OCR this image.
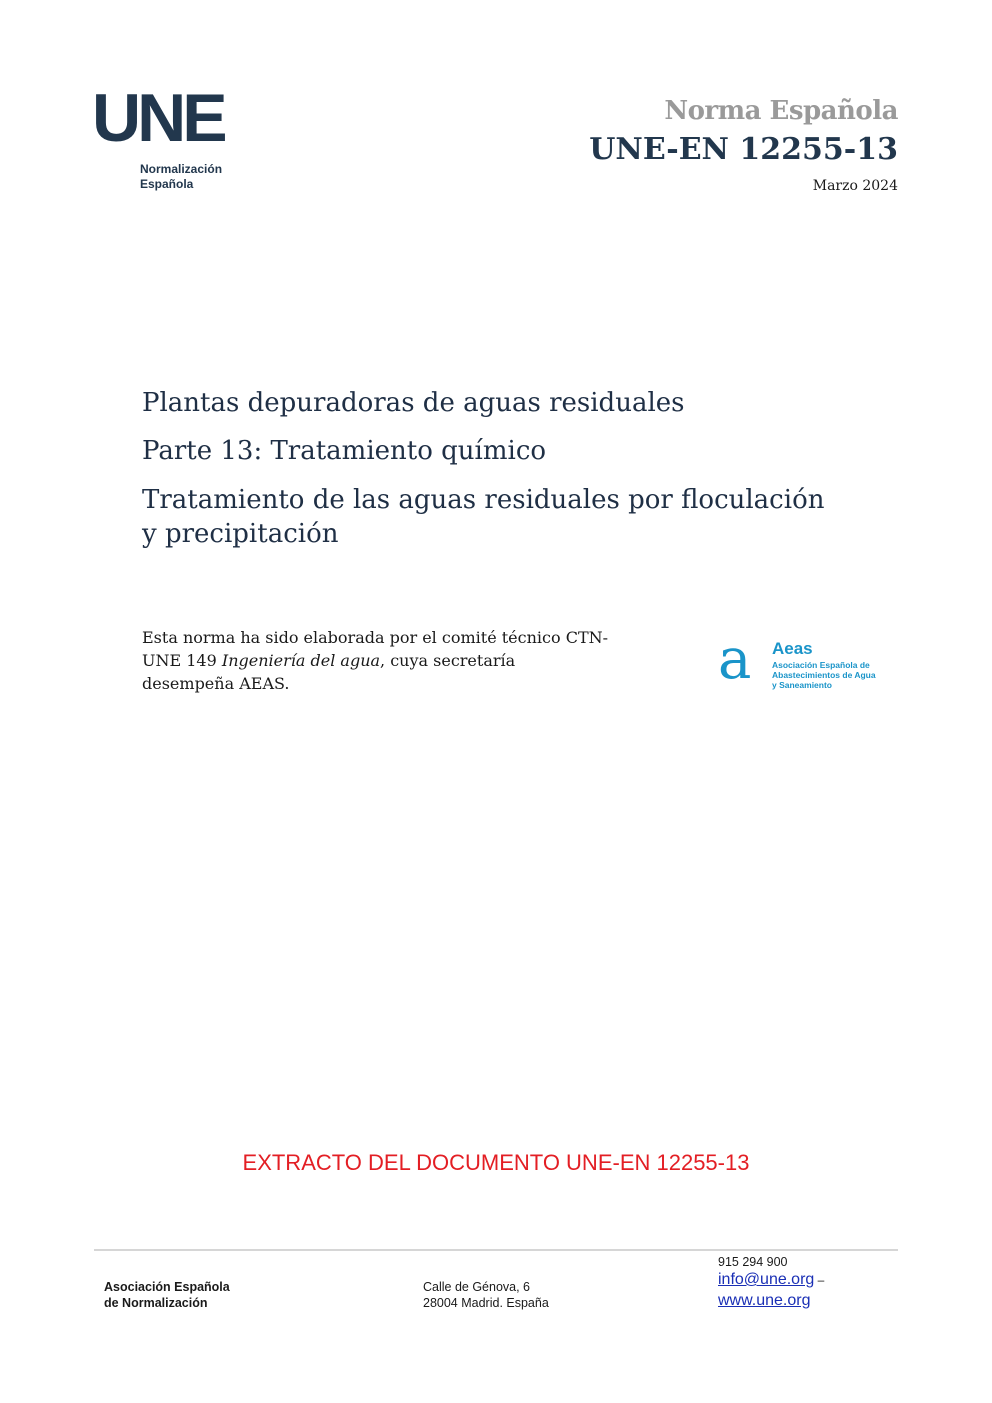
UNE
Normalización
Española
Norma Española
UNE-EN 12255-13
Marzo 2024
Plantas depuradoras de aguas residuales
Parte 13: Tratamiento químico
Tratamiento de las aguas residuales por floculación y precipitación
Esta norma ha sido elaborada por el comité técnico CTN-UNE 149 Ingeniería del agua, cuya secretaría desempeña AEAS.	a Aeas
Asociación Española de Abastecimientos de Agua y Saneamiento
EXTRACTO DEL DOCUMENTO UNE-EN 12255-13
Asociación Española
de Normalización
Calle de Génova, 6
28004 Madrid. España
915 294 900
info@une.org –
www.une.org
